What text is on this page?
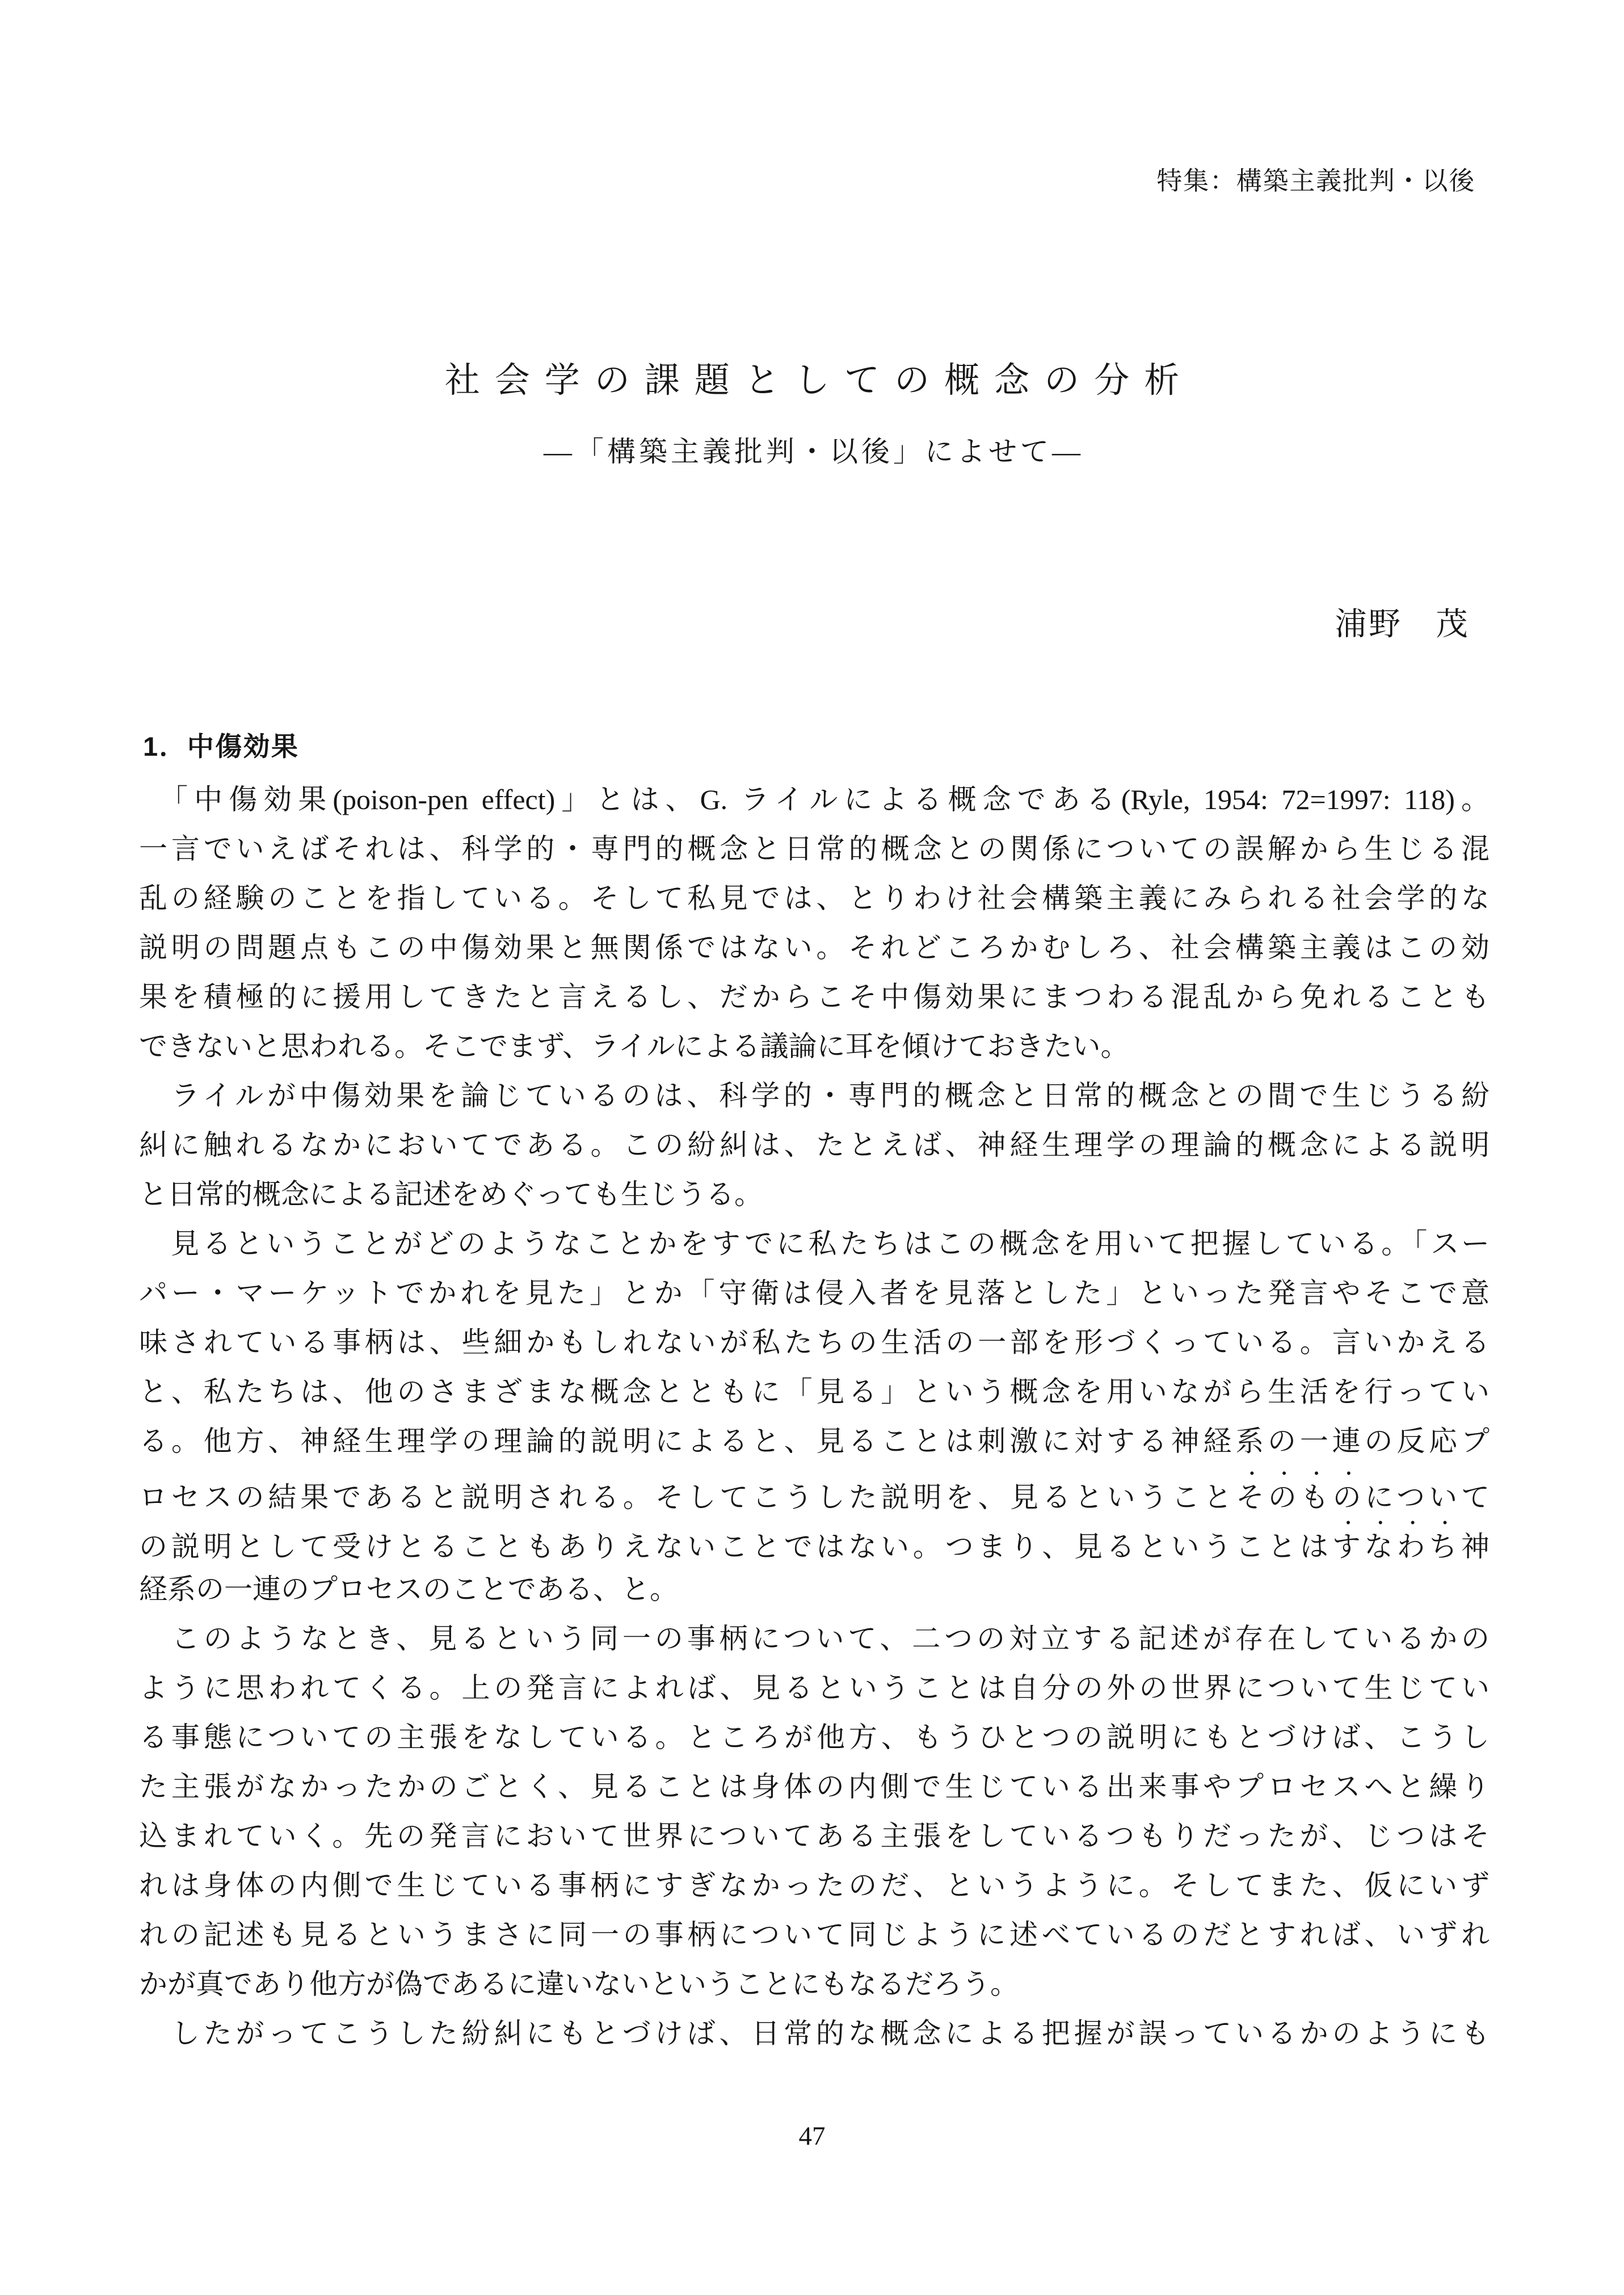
特集：構築主義批判・以後
社会学の課題としての概念の分析
―「構築主義批判・以後」によせて―
浦野　茂
1．中傷効果
　「中傷効果(poison-pen effect)」とは、G. ライルによる概念である(Ryle, 1954: 72=1997: 118)。
一言でいえばそれは、科学的・専門的概念と日常的概念との関係についての誤解から生じる混
乱の経験のことを指している。そして私見では、とりわけ社会構築主義にみられる社会学的な
説明の問題点もこの中傷効果と無関係ではない。それどころかむしろ、社会構築主義はこの効
果を積極的に援用してきたと言えるし、だからこそ中傷効果にまつわる混乱から免れることも
できないと思われる。そこでまず、ライルによる議論に耳を傾けておきたい。
　ライルが中傷効果を論じているのは、科学的・専門的概念と日常的概念との間で生じうる紛
糾に触れるなかにおいてである。この紛糾は、たとえば、神経生理学の理論的概念による説明
と日常的概念による記述をめぐっても生じうる。
　見るということがどのようなことかをすでに私たちはこの概念を用いて把握している。「スー
パー・マーケットでかれを見た」とか「守衛は侵入者を見落とした」といった発言やそこで意
味されている事柄は、些細かもしれないが私たちの生活の一部を形づくっている。言いかえる
と、私たちは、他のさまざまな概念とともに「見る」という概念を用いながら生活を行ってい
る。他方、神経生理学の理論的説明によると、見ることは刺激に対する神経系の一連の反応プ
ロセスの結果であると説明される。そしてこうした説明を、見るということそのものについて
の説明として受けとることもありえないことではない。つまり、見るということはすなわち神
経系の一連のプロセスのことである、と。
　このようなとき、見るという同一の事柄について、二つの対立する記述が存在しているかの
ように思われてくる。上の発言によれば、見るということは自分の外の世界について生じてい
る事態についての主張をなしている。ところが他方、もうひとつの説明にもとづけば、こうし
た主張がなかったかのごとく、見ることは身体の内側で生じている出来事やプロセスへと繰り
込まれていく。先の発言において世界についてある主張をしているつもりだったが、じつはそ
れは身体の内側で生じている事柄にすぎなかったのだ、というように。そしてまた、仮にいず
れの記述も見るというまさに同一の事柄について同じように述べているのだとすれば、いずれ
かが真であり他方が偽であるに違いないということにもなるだろう。
　したがってこうした紛糾にもとづけば、日常的な概念による把握が誤っているかのようにも
47
